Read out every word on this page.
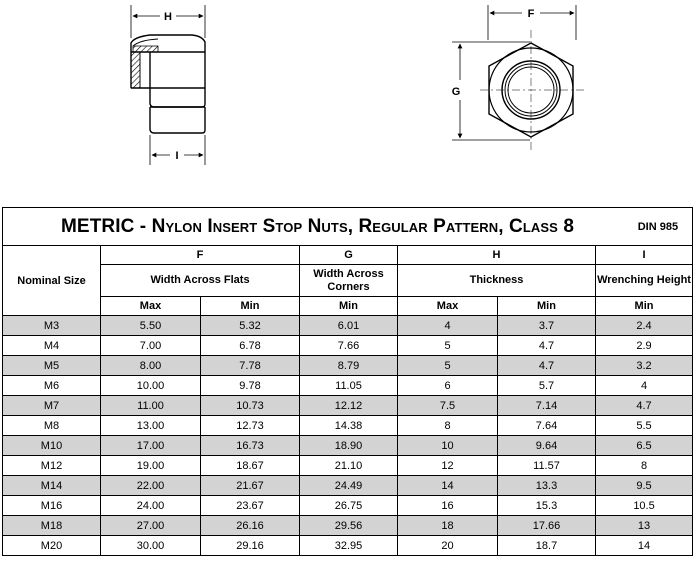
H
I
F
G
METRIC - Nylon Insert Stop Nuts, Regular Pattern, Class 8 DIN 985						

Nominal Size	F		G	H		I
	Width Across Flats		Width Across Corners	Thickness		Wrenching Height
	Max	Min	Min	Max	Min	Min
M3	5.50	5.32	6.01	4	3.7	2.4
M4	7.00	6.78	7.66	5	4.7	2.9
M5	8.00	7.78	8.79	5	4.7	3.2
M6	10.00	9.78	11.05	6	5.7	4
M7	11.00	10.73	12.12	7.5	7.14	4.7
M8	13.00	12.73	14.38	8	7.64	5.5
M10	17.00	16.73	18.90	10	9.64	6.5
M12	19.00	18.67	21.10	12	11.57	8
M14	22.00	21.67	24.49	14	13.3	9.5
M16	24.00	23.67	26.75	16	15.3	10.5
M18	27.00	26.16	29.56	18	17.66	13
M20	30.00	29.16	32.95	20	18.7	14
